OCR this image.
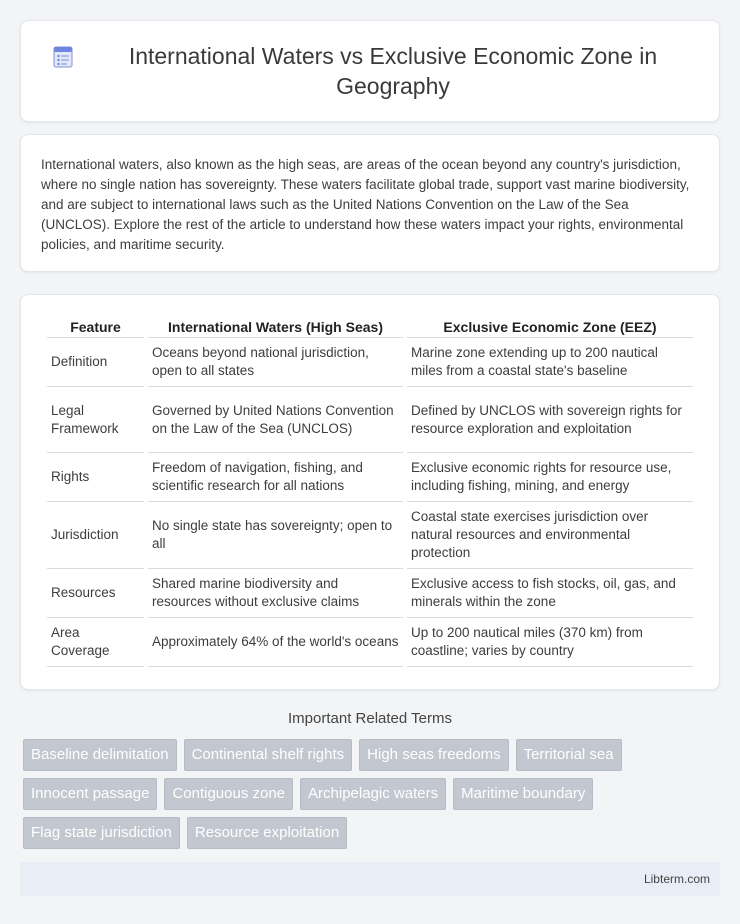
International Waters vs Exclusive Economic Zone in Geography

International waters, also known as the high seas, are areas of the ocean beyond any country's jurisdiction, where no single nation has sovereignty. These waters facilitate global trade, support vast marine biodiversity, and are subject to international laws such as the United Nations Convention on the Law of the Sea (UNCLOS). Explore the rest of the article to understand how these waters impact your rights, environmental policies, and maritime security.

Feature	International Waters (High Seas)	Exclusive Economic Zone (EEZ)
Definition	Oceans beyond national jurisdiction, open to all states	Marine zone extending up to 200 nautical miles from a coastal state's baseline
Legal Framework	Governed by United Nations Convention on the Law of the Sea (UNCLOS)	Defined by UNCLOS with sovereign rights for resource exploration and exploitation
Rights	Freedom of navigation, fishing, and scientific research for all nations	Exclusive economic rights for resource use, including fishing, mining, and energy
Jurisdiction	No single state has sovereignty; open to all	Coastal state exercises jurisdiction over natural resources and environmental protection
Resources	Shared marine biodiversity and resources without exclusive claims	Exclusive access to fish stocks, oil, gas, and minerals within the zone
Area Coverage	Approximately 64% of the world's oceans	Up to 200 nautical miles (370 km) from coastline; varies by country
Important Related Terms
Baseline delimitation	Continental shelf rights	High seas freedoms	Territorial sea
Innocent passage	Contiguous zone	Archipelagic waters	Maritime boundary
Flag state jurisdiction	Resource exploitation
Libterm.com
